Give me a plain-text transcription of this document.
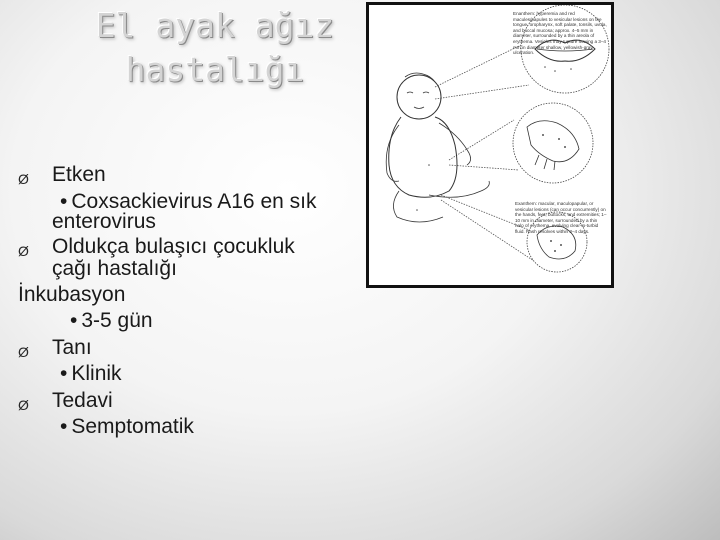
El ayak ağız
hastalığı
Ø Etken
• Coxsackievirus A16 en sık
enterovirus
Ø Oldukça bulaşıcı çocukluk
çağı hastalığı
İnkubasyon
• 3-5 gün
Ø Tanı
• Klinik
Ø Tedavi
• Semptomatik
Enanthem: hyperemia and red macules/papules to vesicular lesions on the tongue, oropharynx, soft palate, tonsils, uvula, and buccal mucosa; approx. 4–5 mm in diameter, surrounded by a thin areola of erythema. Vesicles may rupture leaving a 3–4 mm in diameter shallow, yellowish-gray ulceration.
Exanthem: macular, maculopapular, or vesicular lesions (can occur concurrently) on the hands, feet, buttocks, and extremities; 1–10 mm in diameter, surrounded by a thin halo of erythema, evolving clear-to-turbid fluid. Rash resolves within 3–4 days.
